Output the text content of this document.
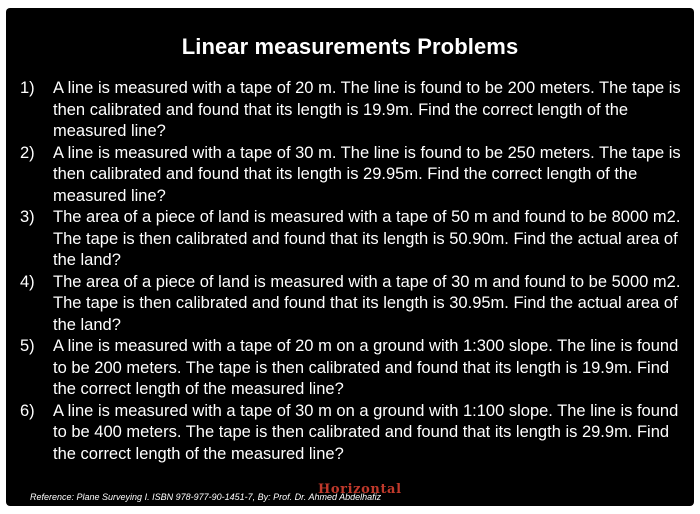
Linear measurements Problems
1) A line is measured with a tape of 20 m. The line is found to be 200 meters. The tape is then calibrated and found that its length is 19.9m. Find the correct length of the measured line?
2) A line is measured with a tape of 30 m. The line is found to be 250 meters. The tape is then calibrated and found that its length is 29.95m. Find the correct length of the measured line?
3) The area of a piece of land is measured with a tape of 50 m and found to be 8000 m2. The tape is then calibrated and found that its length is 50.90m. Find the actual area of the land?
4) The area of a piece of land is measured with a tape of 30 m and found to be 5000 m2. The tape is then calibrated and found that its length is 30.95m. Find the actual area of the land?
5) A line is measured with a tape of 20 m on a ground with 1:300 slope. The line is found to be 200 meters. The tape is then calibrated and found that its length is 19.9m. Find the correct length of the measured line?
6) A line is measured with a tape of 30 m on a ground with 1:100 slope. The line is found to be 400 meters. The tape is then calibrated and found that its length is 29.9m. Find the correct length of the measured line?
Reference: Plane Surveying I. ISBN 978-977-90-1451-7, By: Prof. Dr. Ahmed Abdelhafiz
Horizontal
